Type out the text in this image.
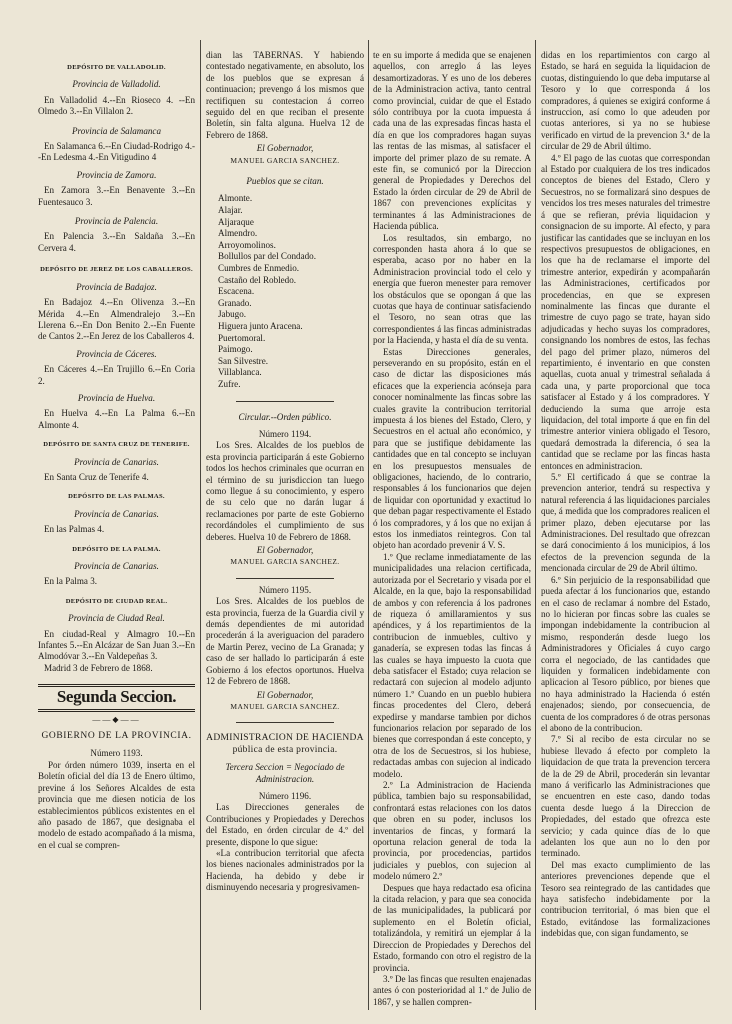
DEPÓSITO DE VALLADOLID.
Provincia de Valladolid.

En Valladolid 4.--En Rioseco 4. --En Olmedo 3.--En Villalon 2.

Provincia de Salamanca

En Salamanca 6.--En Ciudad-Rodrigo 4.--En Ledesma 4.-En Vitigudino 4

Provincia de Zamora.

En Zamora 3.--En Benavente 3.--En Fuentesauco 3.

Provincia de Palencia.

En Palencia 3.--En Saldaña 3.--En Cervera 4.

DEPÓSITO DE JEREZ DE LOS CABALLEROS.
Provincia de Badajoz.

En Badajoz 4.--En Olivenza 3.--En Mérida 4.--En Almendralejo 3.--En Llerena 6.--En Don Benito 2.--En Fuente de Cantos 2.--En Jerez de los Caballeros 4.

Provincia de Cáceres.

En Cáceres 4.--En Trujillo 6.--En Coria 2.

Provincia de Huelva.

En Huelva 4.--En La Palma 6.--En Almonte 4.

DEPÓSITO DE SANTA CRUZ DE TENERIFE.
Provincia de Canarias.

En Santa Cruz de Tenerife 4.

DEPÓSITO DE LAS PALMAS.
Provincia de Canarias.

En las Palmas 4.

DEPÓSITO DE LA PALMA.
Provincia de Canarias.

En la Palma 3.

DEPÓSITO DE CIUDAD REAL.
Provincia de Ciudad Real.

En ciudad-Real y Almagro 10.--En Infantes 5.--En Alcázar de San Juan 3.--En Almodóvar 3.--En Valdepeñas 3.

Madrid 3 de Febrero de 1868.

Segunda Seccion.
——◆——
GOBIERNO DE LA PROVINCIA.
Número 1193.

Por órden número 1039, inserta en el Boletín oficial del día 13 de Enero último, previne á los Señores Alcaldes de esta provincia que me diesen noticia de los establecimientos públicos existentes en el año pasado de 1867, que designaba el modelo de estado acompañado á la misma, en el cual se compren-

dian las TABERNAS. Y habiendo contestado negativamente, en absoluto, los de los pueblos que se expresan á continuacion; prevengo á los mismos que rectifiquen su contestacion á correo seguido del en que reciban el presente Boletín, sin falta alguna. Huelva 12 de Febrero de 1868.

El Gobernador,
MANUEL GARCIA SANCHEZ.
Pueblos que se citan.
Almonte.
Alajar.
Aljaraque
Almendro.
Arroyomolinos.
Bollullos par del Condado.
Cumbres de Enmedio.
Castaño del Robledo.
Escacena.
Granado.
Jabugo.
Higuera junto Aracena.
Puertomoral.
Paimogo.
San Silvestre.
Villablanca.
Zufre.
Circular.--Orden público.
Número 1194.

Los Sres. Alcaldes de los pueblos de esta provincia participarán á este Gobierno todos los hechos criminales que ocurran en el término de su jurisdiccion tan luego como llegue á su conocimiento, y espero de su celo que no darán lugar á reclamaciones por parte de este Gobierno recordándoles el cumplimiento de sus deberes. Huelva 10 de Febrero de 1868.

El Gobernador,
MANUEL GARCIA SANCHEZ.
Número 1195.

Los Sres. Alcaldes de los pueblos de esta provincia, fuerza de la Guardia civil y demás dependientes de mi autoridad procederán á la averiguacion del paradero de Martin Perez, vecino de La Granada; y caso de ser hallado lo participarán á este Gobierno á los efectos oportunos. Huelva 12 de Febrero de 1868.

El Gobernador,
MANUEL GARCIA SANCHEZ.
ADMINISTRACION DE HACIENDA pública de esta provincia.
Tercera Seccion = Negociado de Administracion.
Número 1196.

Las Direcciones generales de Contribuciones y Propiedades y Derechos del Estado, en órden circular de 4.º del presente, dispone lo que sigue:

«La contribucion territorial que afecta los bienes nacionales administrados por la Hacienda, ha debido y debe ir disminuyendo necesaria y progresivamen-

te en su importe á medida que se enajenen aquellos, con arreglo á las leyes desamortizadoras. Y es uno de los deberes de la Administracion activa, tanto central como provincial, cuidar de que el Estado sólo contribuya por la cuota impuesta á cada una de las expresadas fincas hasta el día en que los compradores hagan suyas las rentas de las mismas, al satisfacer el importe del primer plazo de su remate. A este fin, se comunicó por la Direccion general de Propiedades y Derechos del Estado la órden circular de 29 de Abril de 1867 con prevenciones explícitas y terminantes á las Administraciones de Hacienda pública.

Los resultados, sin embargo, no corresponden hasta ahora á lo que se esperaba, acaso por no haber en la Administracion provincial todo el celo y energía que fueron menester para remover los obstáculos que se opongan á que las cuotas que haya de continuar satisfaciendo el Tesoro, no sean otras que las correspondientes á las fincas administradas por la Hacienda, y hasta el día de su venta.

Estas Direcciones generales, perseverando en su propósito, están en el caso de dictar las disposiciones más eficaces que la experiencia acónseja para conocer nominalmente las fincas sobre las cuales gravite la contribucion territorial impuesta á los bienes del Estado, Clero, y Secuestros en el actual año económico, y para que se justifique debidamente las cantidades que en tal concepto se incluyan en los presupuestos mensuales de obligaciones, haciendo, de lo contrario, responsables á los funcionarios que dejen de liquidar con oportunidad y exactitud lo que deban pagar respectivamente el Estado ó los compradores, y á los que no exijan á estos los inmediatos reintegros. Con tal objeto han acordado prevenir á V. S.

1.º Que reclame inmediatamente de las municipalidades una relacion certificada, autorizada por el Secretario y visada por el Alcalde, en la que, bajo la responsabilidad de ambos y con referencia á los padrones de riqueza ó amillaramientos y sus apéndices, y á los repartimientos de la contribucion de inmuebles, cultivo y ganadería, se expresen todas las fincas á las cuales se haya impuesto la cuota que deba satisfacer el Estado; cuya relacion se redactará con sujecion al modelo adjunto número 1.º Cuando en un pueblo hubiera fincas procedentes del Clero, deberá expedirse y mandarse tambien por dichos funcionarios relacion por separado de los bienes que correspondan á este concepto, y otra de los de Secuestros, si los hubiese, redactadas ambas con sujecion al indicado modelo.

2.º La Administracion de Hacienda pública, tambien bajo su responsabilidad, confrontará estas relaciones con los datos que obren en su poder, inclusos los inventarios de fincas, y formará la oportuna relacion general de toda la provincia, por procedencias, partidos judiciales y pueblos, con sujecion al modelo número 2.º

Despues que haya redactado esa oficina la citada relacion, y para que sea conocida de las municipalidades, la publicará por suplemento en el Boletín oficial, totalizándola, y remitirá un ejemplar á la Direccion de Propiedades y Derechos del Estado, formando con otro el registro de la provincia.

3.º De las fincas que resulten enajenadas antes ó con posterioridad al 1.º de Julio de 1867, y se hallen compren-

didas en los repartimientos con cargo al Estado, se hará en seguida la liquidacion de cuotas, distinguiendo lo que deba imputarse al Tesoro y lo que corresponda á los compradores, á quienes se exigirá conforme á instruccion, así como lo que adeuden por cuotas anteriores, si ya no se hubiese verificado en virtud de la prevencion 3.ª de la circular de 29 de Abril último.

4.º El pago de las cuotas que correspondan al Estado por cualquiera de los tres indicados conceptos de bienes del Estado, Clero y Secuestros, no se formalizará sino despues de vencidos los tres meses naturales del trimestre á que se refieran, prévia liquidacion y consignacion de su importe. Al efecto, y para justificar las cantidades que se incluyan en los respectivos presupuestos de obligaciones, en los que ha de reclamarse el importe del trimestre anterior, expedirán y acompañarán las Administraciones, certificados por procedencias, en que se expresen nominalmente las fincas que durante el trimestre de cuyo pago se trate, hayan sido adjudicadas y hecho suyas los compradores, consignando los nombres de estos, las fechas del pago del primer plazo, números del repartimiento, é inventario en que consten aquellas, cuota anual y trimestral señalada á cada una, y parte proporcional que toca satisfacer al Estado y á los compradores. Y deduciendo la suma que arroje esta liquidacion, del total importe á que en fin del trimestre anterior viniera obligado el Tesoro, quedará demostrada la diferencia, ó sea la cantidad que se reclame por las fincas hasta entonces en administracion.

5.º El certificado á que se contrae la prevencion anterior, tendrá su respectiva y natural referencia á las liquidaciones parciales que, á medida que los compradores realicen el primer plazo, deben ejecutarse por las Administraciones. Del resultado que ofrezcan se dará conocimiento á los municipios, á los efectos de la prevencion segunda de la mencionada circular de 29 de Abril último.

6.º Sin perjuicio de la responsabilidad que pueda afectar á los funcionarios que, estando en el caso de reclamar á nombre del Estado, no lo hicieran por fincas sobre las cuales se impongan indebidamente la contribucion al mismo, responderán desde luego los Administradores y Oficiales á cuyo cargo corra el negociado, de las cantidades que liquiden y formalicen indebidamente con aplicacion al Tesoro público, por bienes que no haya administrado la Hacienda ó estén enajenados; siendo, por consecuencia, de cuenta de los compradores ó de otras personas el abono de la contribucion.

7.º Si al recibo de esta circular no se hubiese llevado á efecto por completo la liquidacion de que trata la prevencion tercera de la de 29 de Abril, procederán sin levantar mano á verificarlo las Administraciones que se encuentren en este caso, dando todas cuenta desde luego á la Direccion de Propiedades, del estado que ofrezca este servicio; y cada quince días de lo que adelanten los que aun no lo den por terminado.

Del mas exacto cumplimiento de las anteriores prevenciones depende que el Tesoro sea reintegrado de las cantidades que haya satisfecho indebidamente por la contribucion territorial, ó mas bien que el Estado, evitándose las formalizaciones indebidas que, con sigan fundamento, se
